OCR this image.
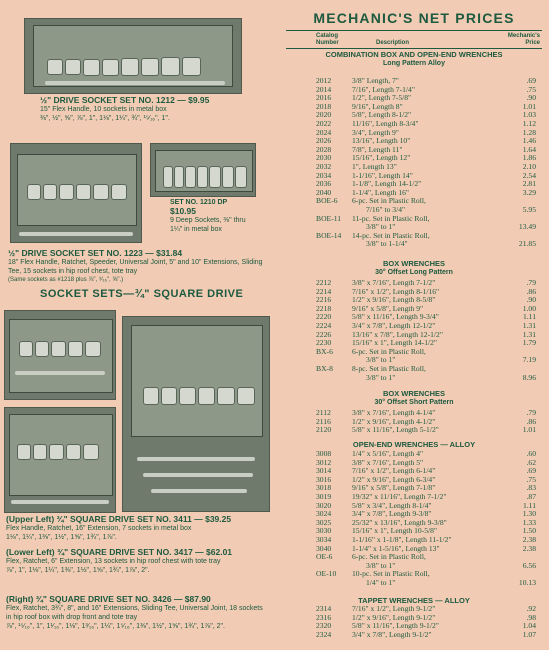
½" DRIVE SOCKET SET NO. 1212 — $9.95
15" Flex Handle, 10 sockets in metal box
⅜", ½", ⅝", ⅞", 1", 1⅛", 1¼", ¾", ¹⁵⁄₁₆", 1".
SET NO. 1210 DP
$10.95
9 Deep Sockets, ⅜" thru
1¼" in metal box
½" DRIVE SOCKET SET NO. 1223 — $31.84
18" Flex Handle, Ratchet, Speeder, Universal Joint, 5" and 10" Extensions, Sliding Tee, 15 sockets in hip roof chest, tote tray
(Same sockets as #1218 plus ⅞", ⁹⁄₁₆", ⅝".)
SOCKET SETS—¾" SQUARE DRIVE
(Upper Left) ¾" SQUARE DRIVE SET NO. 3411 — $39.25
Flex Handle, Ratchet, 16" Extension, 7 sockets in metal box
1⅛", 1¼", 1⅜", 1½", 1⅝", 1¾", 1⅞".
(Lower Left) ¾" SQUARE DRIVE SET NO. 3417 — $62.01
Flex, Ratchet, 6" Extension, 13 sockets in hip roof chest with tote tray
⅞", 1", 1⅛", 1¼", 1⅜", 1½", 1⅝", 1¾", 1⅞", 2".
(Right) ¾" SQUARE DRIVE SET NO. 3426 — $87.90
Flex, Ratchet, 3¾", 8", and 16" Extensions, Sliding Tee, Universal Joint, 18 sockets in hip roof box with drop front and tote tray
⅞", ¹⁵⁄₁₆", 1", 1¹⁄₁₆", 1⅛", 1³⁄₁₆", 1¼", 1⁵⁄₁₆", 1⅜", 1½", 1⅝", 1¾", 1⅞", 2".
MECHANIC'S NET PRICES
Catalog Number	Description
Mechanic's Price
COMBINATION BOX AND OPEN-END WRENCHES
Long Pattern Alloy
2012	3/8" Length, 7"	.69
2014	7/16", Length 7-1/4"	.75
2016	1/2", Length 7-5/8"	.90
2018	9/16", Length 8"	1.01
2020	5/8", Length 8-1/2"	1.03
2022	11/16", Length 8-3/4"	1.12
2024	3/4", Length 9"	1.28
2026	13/16", Length 10"	1.46
2028	7/8", Length 11"	1.64
2030	15/16", Length 12"	1.86
2032	1", Length 13"	2.10
2034	1-1/16", Length 14"	2.54
2036	1-1/8", Length 14-1/2"	2.81
2040	1-1/4", Length 16"	3.29
BOE-6 6-pc. Set in Plastic Roll,
7/16" to 3/4"	5.95
BOE-11 11-pc. Set in Plastic Roll,
3/8" to 1"	13.49
BOE-14 14-pc. Set in Plastic Roll,
3/8" to 1-1/4"	21.85
BOX WRENCHES
30° Offset Long Pattern
2212	3/8" x 7/16", Length 7-1/2"	.79
2214	7/16" x 1/2", Length 8-1/16"	.86
2216	1/2" x 9/16", Length 8-5/8"	.90
2218	9/16" x 5/8", Length 9"	1.00
2220	5/8" x 11/16", Length 9-3/4"	1.11
2224	3/4" x 7/8", Length 12-1/2"	1.31
2226	13/16" x 7/8", Length 12-1/2"	1.31
2230	15/16" x 1", Length 14-1/2"	1.79
BX-6	6-pc. Set in Plastic Roll,
3/8" to 1"	7.19
BX-8	8-pc. Set in Plastic Roll,
3/8" to 1"	8.96
BOX WRENCHES
30° Offset Short Pattern
2112	3/8" x 7/16", Length 4-1/4"	.79
2116	1/2" x 9/16", Length 4-1/2"	.86
2120	5/8" x 11/16", Length 5-1/2"	1.01
OPEN-END WRENCHES — ALLOY
3008	1/4" x 5/16", Length 4"	.60
3012	3/8" x 7/16", Length 5"	.62
3014	7/16" x 1/2", Length 6-1/4"	.69
3016	1/2" x 9/16", Length 6-3/4"	.75
3018	9/16" x 5/8", Length 7-1/8"	.83
3019	19/32" x 11/16", Length 7-1/2"	.87
3020	5/8" x 3/4", Length 8-1/4"	1.11
3024	3/4" x 7/8", Length 9-3/8"	1.30
3025	25/32" x 13/16", Length 9-3/8"	1.33
3030	15/16" x 1", Length 10-5/8"	1.50
3034	1-1/16" x 1-1/8", Length 11-1/2"	2.38
3040	1-1/4" x 1-5/16", Length 13"	2.38
OE-6	6-pc. Set in Plastic Roll,
3/8" to 1"	6.56
OE-10 10-pc. Set in Plastic Roll,
1/4" to 1"	10.13
TAPPET WRENCHES — ALLOY
2314	7/16" x 1/2", Length 9-1/2"	.92
2316	1/2" x 9/16", Length 9-1/2"	.98
2320	5/8" x 11/16", Length 9-1/2"	1.04
2324	3/4" x 7/8", Length 9-1/2"	1.07
